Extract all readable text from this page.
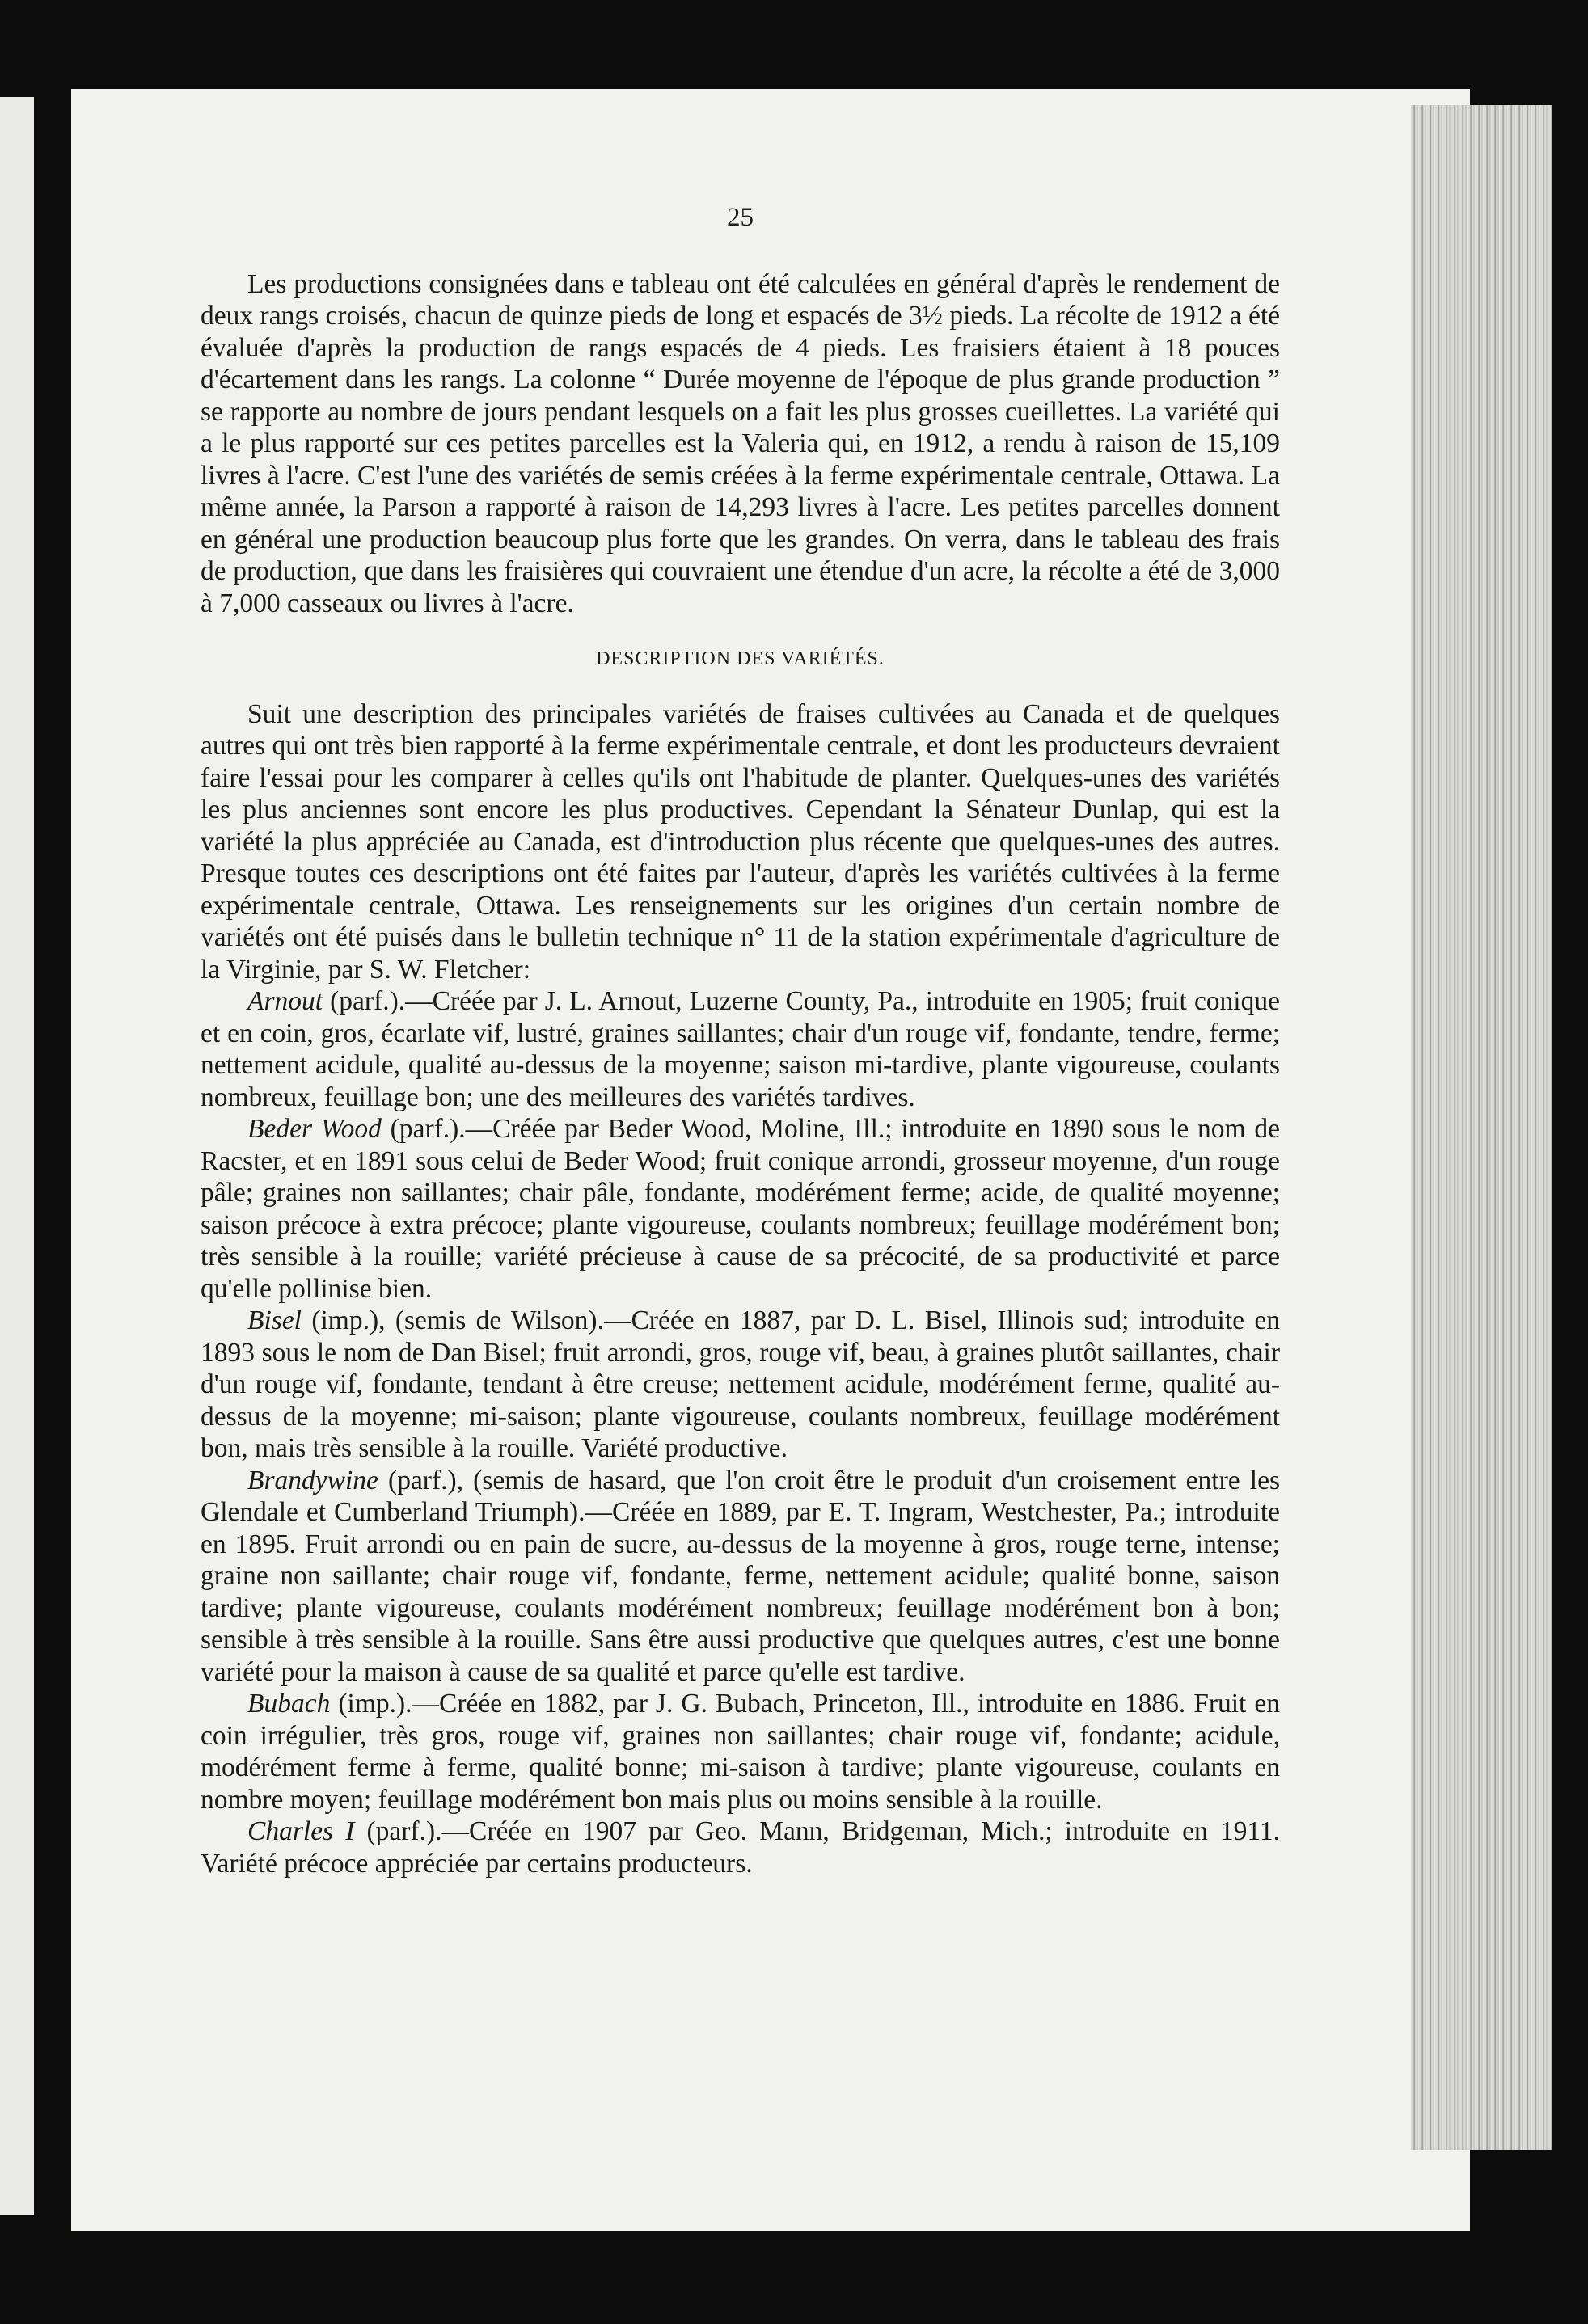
25

Les productions consignées dans e tableau ont été calculées en général d'après le rendement de deux rangs croisés, chacun de quinze pieds de long et espacés de 3½ pieds. La récolte de 1912 a été évaluée d'après la production de rangs espacés de 4 pieds. Les fraisiers étaient à 18 pouces d'écartement dans les rangs. La colonne “ Durée moyenne de l'époque de plus grande production ” se rapporte au nombre de jours pendant lesquels on a fait les plus grosses cueillettes. La variété qui a le plus rapporté sur ces petites parcelles est la Valeria qui, en 1912, a rendu à raison de 15,109 livres à l'acre. C'est l'une des variétés de semis créées à la ferme expérimentale centrale, Ottawa. La même année, la Parson a rapporté à raison de 14,293 livres à l'acre. Les petites parcelles donnent en général une production beaucoup plus forte que les grandes. On verra, dans le tableau des frais de production, que dans les fraisières qui couvraient une étendue d'un acre, la récolte a été de 3,000 à 7,000 casseaux ou livres à l'acre.

DESCRIPTION DES VARIÉTÉS.

Suit une description des principales variétés de fraises cultivées au Canada et de quelques autres qui ont très bien rapporté à la ferme expérimentale centrale, et dont les producteurs devraient faire l'essai pour les comparer à celles qu'ils ont l'habitude de planter. Quelques-unes des variétés les plus anciennes sont encore les plus productives. Cependant la Sénateur Dunlap, qui est la variété la plus appréciée au Canada, est d'introduction plus récente que quelques-unes des autres. Presque toutes ces descriptions ont été faites par l'auteur, d'après les variétés cultivées à la ferme expérimentale centrale, Ottawa. Les renseignements sur les origines d'un certain nombre de variétés ont été puisés dans le bulletin technique n° 11 de la station expérimentale d'agriculture de la Virginie, par S. W. Fletcher:

Arnout (parf.).—Créée par J. L. Arnout, Luzerne County, Pa., introduite en 1905; fruit conique et en coin, gros, écarlate vif, lustré, graines saillantes; chair d'un rouge vif, fondante, tendre, ferme; nettement acidule, qualité au-dessus de la moyenne; saison mi-tardive, plante vigoureuse, coulants nombreux, feuillage bon; une des meilleures des variétés tardives.

Beder Wood (parf.).—Créée par Beder Wood, Moline, Ill.; introduite en 1890 sous le nom de Racster, et en 1891 sous celui de Beder Wood; fruit conique arrondi, grosseur moyenne, d'un rouge pâle; graines non saillantes; chair pâle, fondante, modérément ferme; acide, de qualité moyenne; saison précoce à extra précoce; plante vigoureuse, coulants nombreux; feuillage modérément bon; très sensible à la rouille; variété précieuse à cause de sa précocité, de sa productivité et parce qu'elle pollinise bien.

Bisel (imp.), (semis de Wilson).—Créée en 1887, par D. L. Bisel, Illinois sud; introduite en 1893 sous le nom de Dan Bisel; fruit arrondi, gros, rouge vif, beau, à graines plutôt saillantes, chair d'un rouge vif, fondante, tendant à être creuse; nettement acidule, modérément ferme, qualité au-dessus de la moyenne; mi-saison; plante vigoureuse, coulants nombreux, feuillage modérément bon, mais très sensible à la rouille. Variété productive.

Brandywine (parf.), (semis de hasard, que l'on croit être le produit d'un croisement entre les Glendale et Cumberland Triumph).—Créée en 1889, par E. T. Ingram, Westchester, Pa.; introduite en 1895. Fruit arrondi ou en pain de sucre, au-dessus de la moyenne à gros, rouge terne, intense; graine non saillante; chair rouge vif, fondante, ferme, nettement acidule; qualité bonne, saison tardive; plante vigoureuse, coulants modérément nombreux; feuillage modérément bon à bon; sensible à très sensible à la rouille. Sans être aussi productive que quelques autres, c'est une bonne variété pour la maison à cause de sa qualité et parce qu'elle est tardive.

Bubach (imp.).—Créée en 1882, par J. G. Bubach, Princeton, Ill., introduite en 1886. Fruit en coin irrégulier, très gros, rouge vif, graines non saillantes; chair rouge vif, fondante; acidule, modérément ferme à ferme, qualité bonne; mi-saison à tardive; plante vigoureuse, coulants en nombre moyen; feuillage modérément bon mais plus ou moins sensible à la rouille.

Charles I (parf.).—Créée en 1907 par Geo. Mann, Bridgeman, Mich.; introduite en 1911. Variété précoce appréciée par certains producteurs.
